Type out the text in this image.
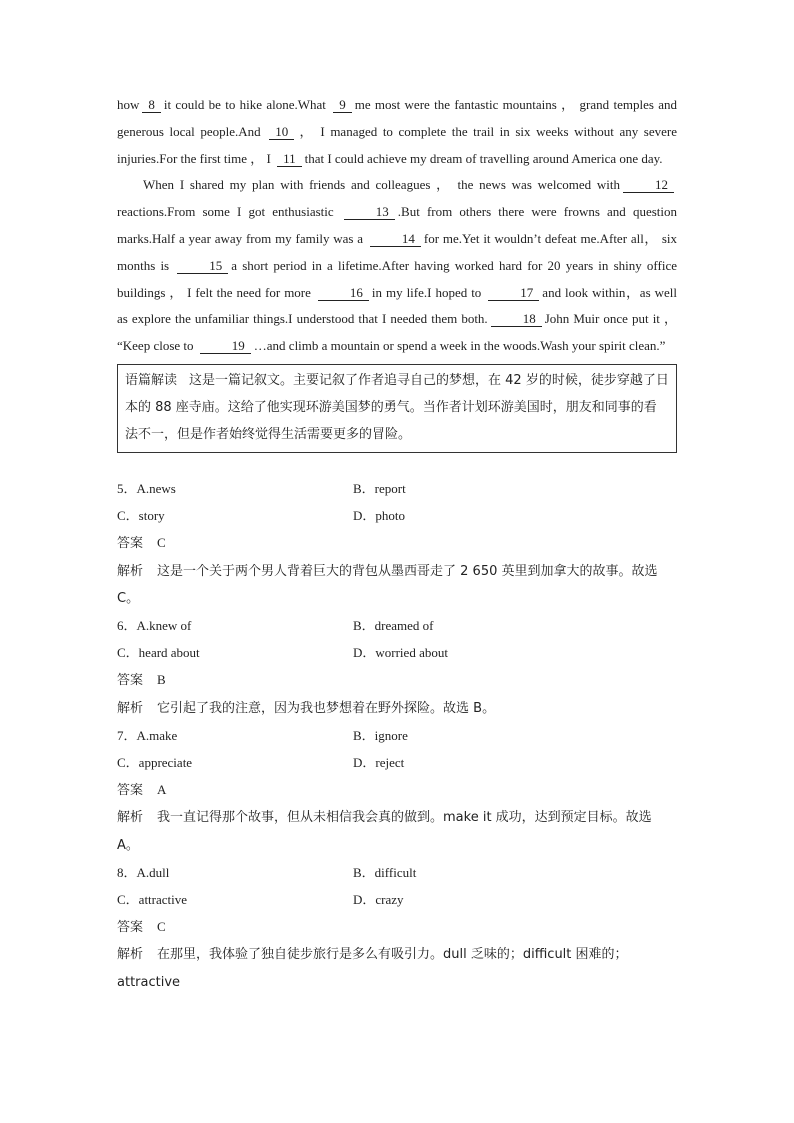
how 8 it could be to hike alone.What 9 me most were the fantastic mountains ， grand temples and generous local people.And 10 ， I managed to complete the trail in six weeks without any severe injuries.For the first time ， I 11 that I could achieve my dream of travelling around America one day.
When I shared my plan with friends and colleagues ， the news was welcomed with	12reactions.From some I got enthusiastic	13 .But from others there were frowns and question marks.Half a year away from my family was a	14 for me.Yet it wouldn’t defeat me.After all， six months is	15 a short period in a lifetime.After having worked hard for 20 years in shiny office buildings ， I felt the need for more	16 in my life.I hoped to	17 and look within，as well as explore the unfamiliar things.I understood that I needed them both.	18 John Muir once put it ， “Keep close to	19 …and climb a mountain or spend a week in the woods.Wash your spirit clean.”
语篇解读 这是一篇记叙文。主要记叙了作者追寻自己的梦想，在 42 岁的时候，徒步穿越了日本的 88 座寺庙。这给了他实现环游美国梦的勇气。当作者计划环游美国时，朋友和同事的看法不一，但是作者始终觉得生活需要更多的冒险。
5．A.news	B．report
C．story	D．photo
答案 C
解析 这是一个关于两个男人背着巨大的背包从墨西哥走了 2 650 英里到加拿大的故事。故选 C。
6．A.knew of	B．dreamed of
C．heard about	D．worried about
答案 B
解析 它引起了我的注意，因为我也梦想着在野外探险。故选 B。
7．A.make	B．ignore
C．appreciate	D．reject
答案 A
解析 我一直记得那个故事，但从未相信我会真的做到。make it 成功，达到预定目标。故选 A。
8．A.dull	B．difficult
C．attractive	D．crazy
答案 C
解析 在那里，我体验了独自徒步旅行是多么有吸引力。dull 乏味的；difficult 困难的；attractive
